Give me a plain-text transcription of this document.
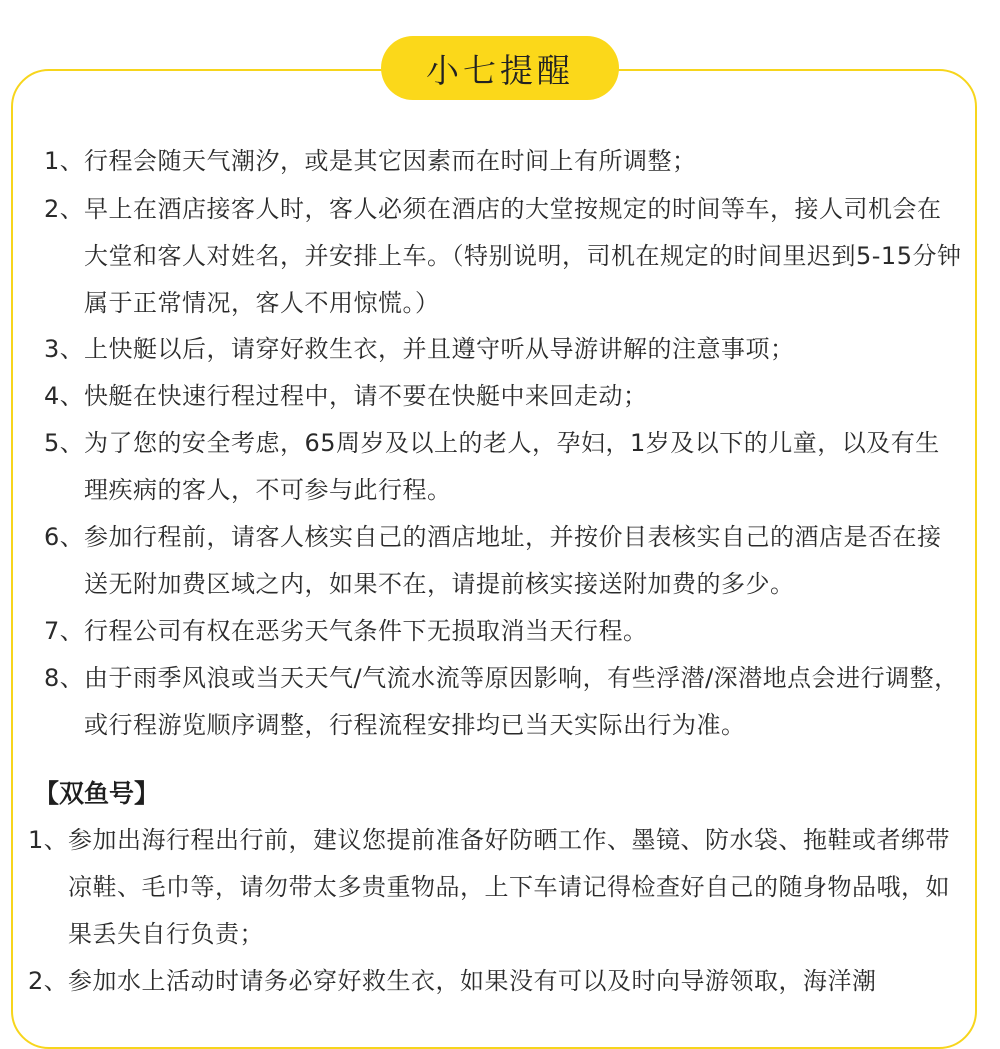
小七提醒
1、 行程会随天气潮汐，或是其它因素而在时间上有所调整；
2、 早上在酒店接客人时，客人必须在酒店的大堂按规定的时间等车，接人司机会在大堂和客人对姓名，并安排上车。（特别说明，司机在规定的时间里迟到5-15分钟属于正常情况，客人不用惊慌。）
3、 上快艇以后，请穿好救生衣，并且遵守听从导游讲解的注意事项；
4、 快艇在快速行程过程中，请不要在快艇中来回走动；
5、 为了您的安全考虑，65周岁及以上的老人，孕妇，1岁及以下的儿童，以及有生理疾病的客人，不可参与此行程。
6、 参加行程前，请客人核实自己的酒店地址，并按价目表核实自己的酒店是否在接送无附加费区域之内，如果不在，请提前核实接送附加费的多少。
7、 行程公司有权在恶劣天气条件下无损取消当天行程。
8、 由于雨季风浪或当天天气/气流水流等原因影响，有些浮潜/深潜地点会进行调整，或行程游览顺序调整，行程流程安排均已当天实际出行为准。
【双鱼号】
1、 参加出海行程出行前，建议您提前准备好防晒工作、墨镜、防水袋、拖鞋或者绑带凉鞋、毛巾等，请勿带太多贵重物品，上下车请记得检查好自己的随身物品哦，如果丢失自行负责；
2、 参加水上活动时请务必穿好救生衣，如果没有可以及时向导游领取，海洋潮
